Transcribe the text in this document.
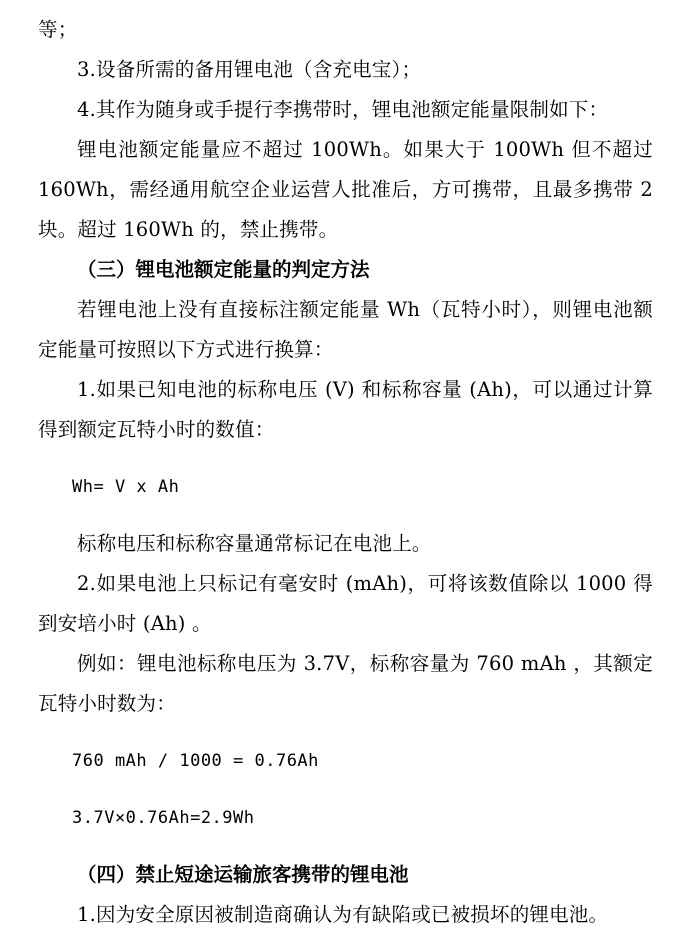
等；

3.设备所需的备用锂电池（含充电宝）；

4.其作为随身或手提行李携带时，锂电池额定能量限制如下：

锂电池额定能量应不超过 100Wh。如果大于 100Wh 但不超过 160Wh，需经通用航空企业运营人批准后，方可携带，且最多携带 2 块。超过 160Wh 的，禁止携带。

（三）锂电池额定能量的判定方法

若锂电池上没有直接标注额定能量 Wh（瓦特小时），则锂电池额定能量可按照以下方式进行换算：

1.如果已知电池的标称电压 (V) 和标称容量 (Ah)，可以通过计算得到额定瓦特小时的数值：

Wh= V x Ah

标称电压和标称容量通常标记在电池上。

2.如果电池上只标记有毫安时 (mAh)，可将该数值除以 1000 得到安培小时 (Ah) 。

例如：锂电池标称电压为 3.7V，标称容量为 760 mAh ，其额定瓦特小时数为：

760 mAh / 1000 = 0.76Ah

3.7V×0.76Ah=2.9Wh

（四）禁止短途运输旅客携带的锂电池

1.因为安全原因被制造商确认为有缺陷或已被损坏的锂电池。
